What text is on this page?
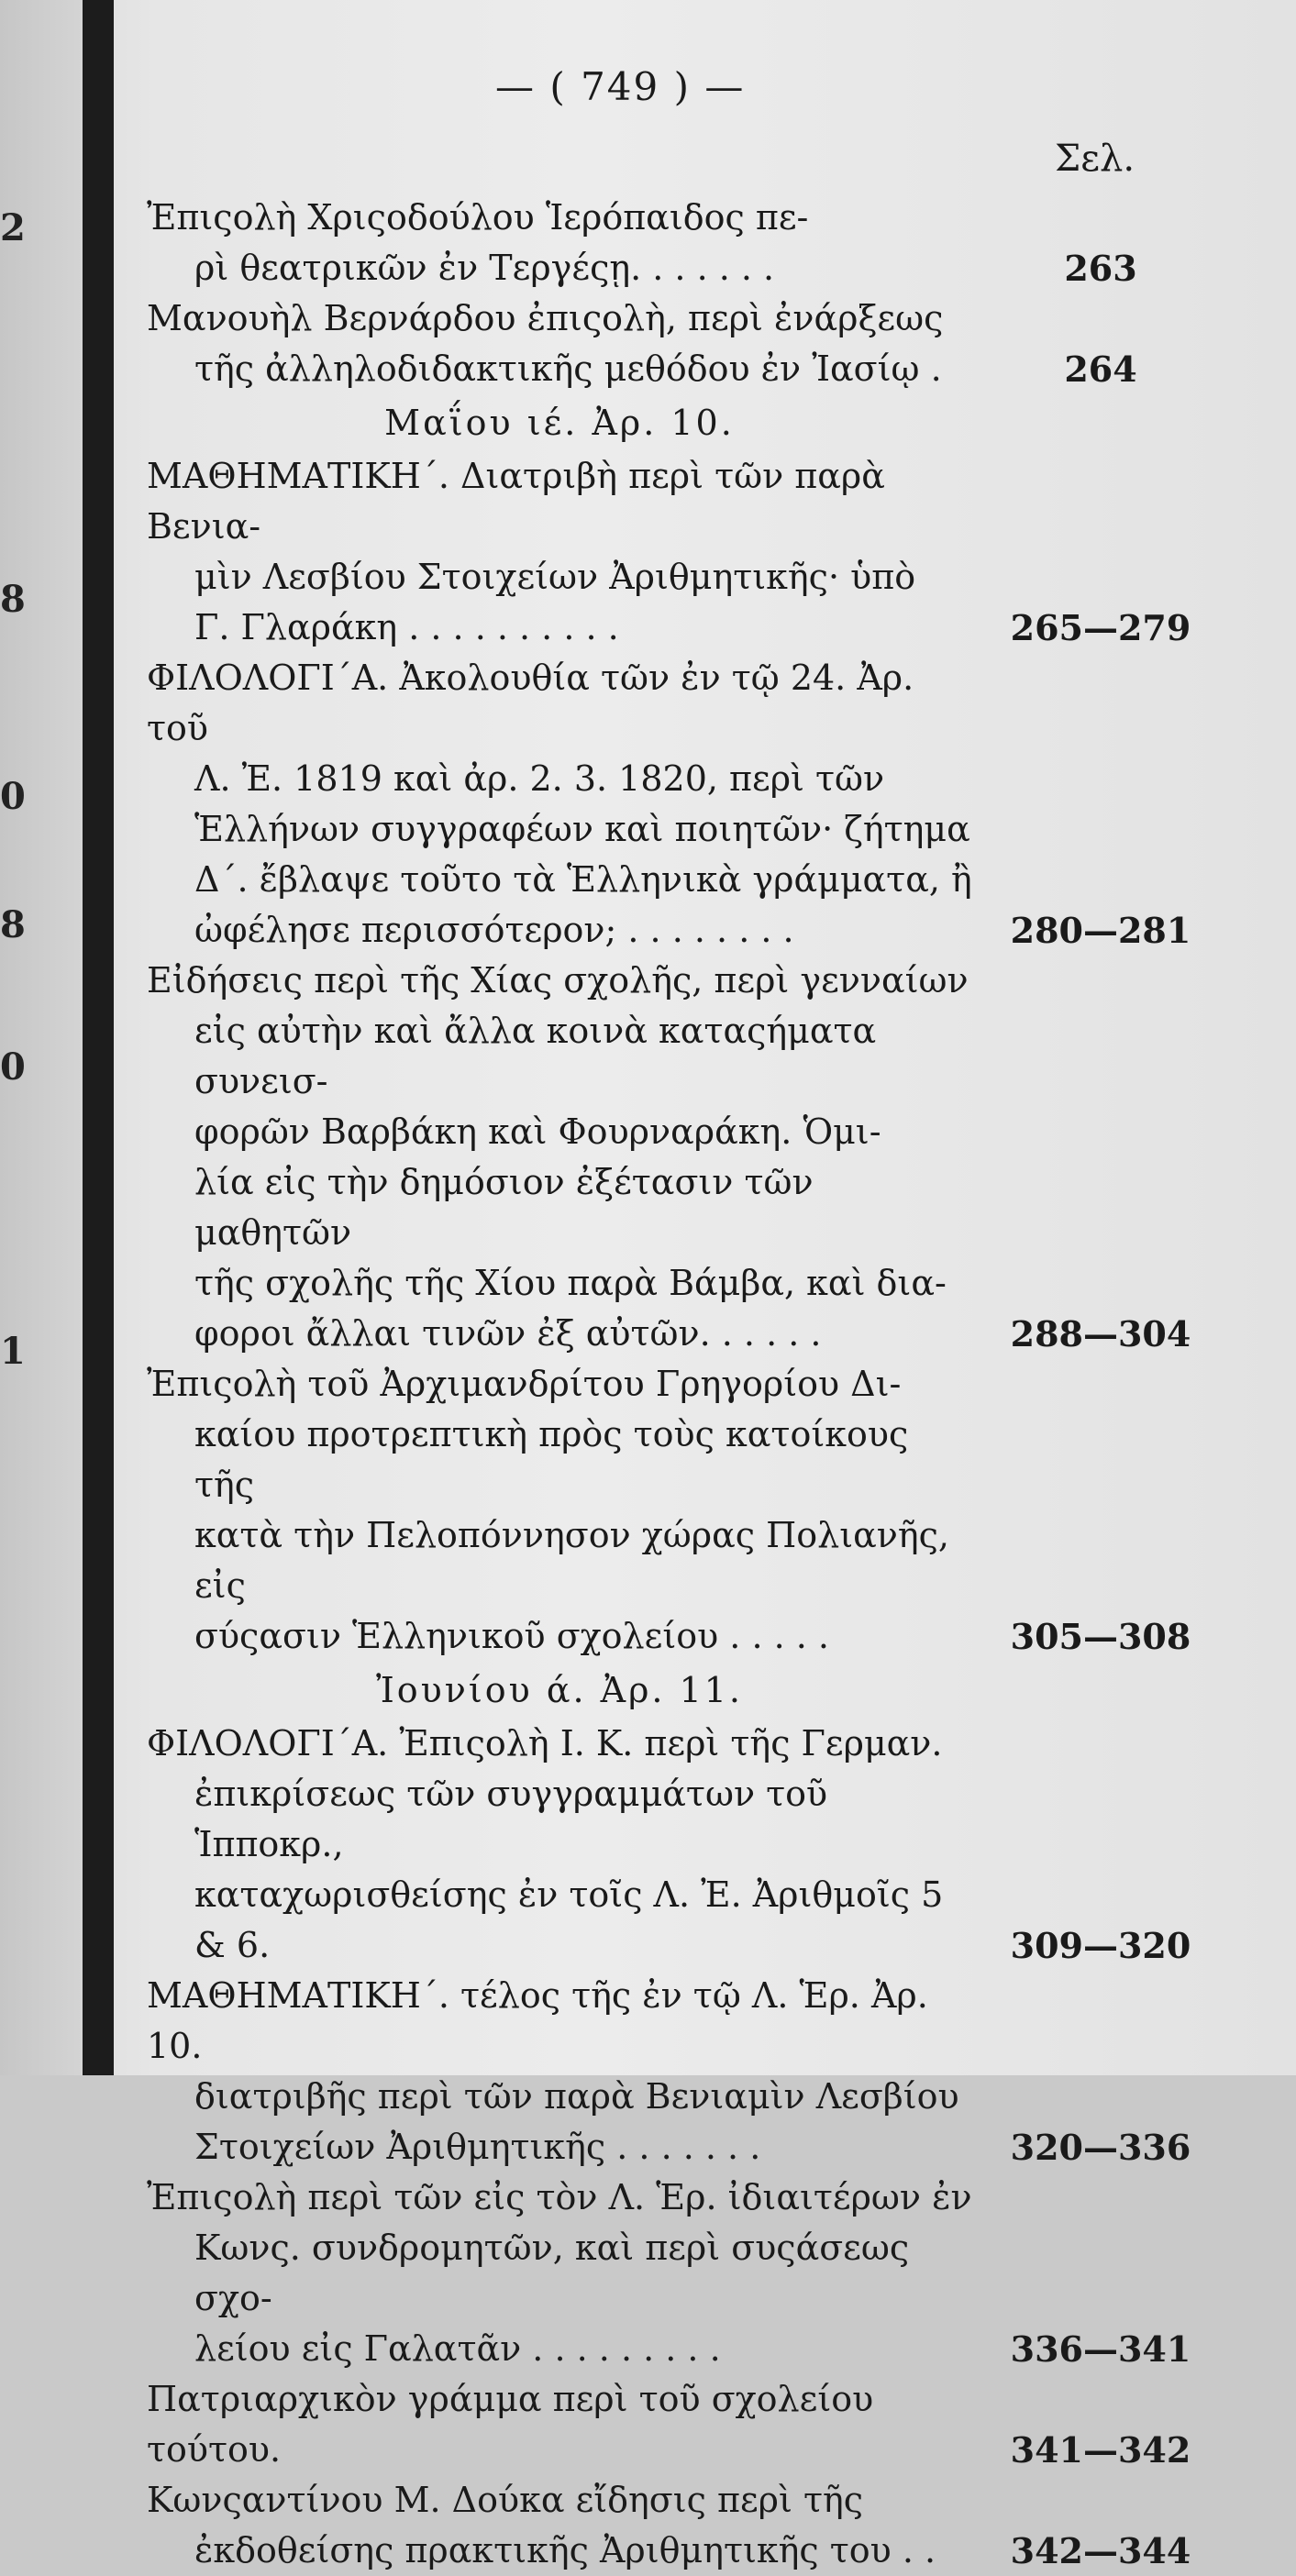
2
8
0
8
0
1
— ( 749 ) —
Σελ.
Ἐπιςολὴ Χριςοδούλου Ἱερόπαιδος πε-
ρὶ θεατρικῶν ἐν Τεργέςῃ. . . . . . .	263
Μανουὴλ Βερνάρδου ἐπιςολὴ, περὶ ἐνάρξεως
τῆς ἀλληλοδιδακτικῆς μεθόδου ἐν Ἰασίῳ .	264
Μαΐου ιέ. Ἀρ. 10.
ΜΑΘΗΜΑΤΙΚΗ΄. Διατριβὴ περὶ τῶν παρὰ Βενια-
μὶν Λεσβίου Στοιχείων Ἀριθμητικῆς· ὑπὸ
Γ. Γλαράκη . . . . . . . . . .	265—279
ΦΙΛΟΛΟΓΙ΄Α. Ἀκολουθία τῶν ἐν τῷ 24. Ἀρ. τοῦ
Λ. Ἐ. 1819 καὶ ἀρ. 2. 3. 1820, περὶ τῶν
Ἑλλήνων συγγραφέων καὶ ποιητῶν· ζήτημα
Δ΄. ἔβλαψε τοῦτο τὰ Ἑλληνικὰ γράμματα, ἢ
ὠφέλησε περισσότερον; . . . . . . . .	280—281
Εἰδήσεις περὶ τῆς Χίας σχολῆς, περὶ γενναίων
εἰς αὐτὴν καὶ ἄλλα κοινὰ καταςήματα συνεισ-
φορῶν Βαρβάκη καὶ Φουρναράκη. Ὁμι-
λία εἰς τὴν δημόσιον ἐξέτασιν τῶν μαθητῶν
τῆς σχολῆς τῆς Χίου παρὰ Βάμβα, καὶ δια-
φοροι ἄλλαι τινῶν ἐξ αὐτῶν. . . . . .	288—304
Ἐπιςολὴ τοῦ Ἀρχιμανδρίτου Γρηγορίου Δι-
καίου προτρεπτικὴ πρὸς τοὺς κατοίκους τῆς
κατὰ τὴν Πελοπόννησον χώρας Πολιανῆς, εἰς
σύςασιν Ἑλληνικοῦ σχολείου . . . . .	305—308
Ἰουνίου ά. Ἀρ. 11.
ΦΙΛΟΛΟΓΙ΄Α. Ἐπιςολὴ Ι. Κ. περὶ τῆς Γερμαν.
ἐπικρίσεως τῶν συγγραμμάτων τοῦ Ἱπποκρ.,
καταχωρισθείσης ἐν τοῖς Λ. Ἐ. Ἀριθμοῖς 5 & 6.	309—320
ΜΑΘΗΜΑΤΙΚΗ΄. τέλος τῆς ἐν τῷ Λ. Ἑρ. Ἀρ. 10.
διατριβῆς περὶ τῶν παρὰ Βενιαμὶν Λεσβίου
Στοιχείων Ἀριθμητικῆς . . . . . . .	320—336
Ἐπιςολὴ περὶ τῶν εἰς τὸν Λ. Ἑρ. ἰδιαιτέρων ἐν
Κωνς. συνδρομητῶν, καὶ περὶ συςάσεως σχο-
λείου εἰς Γαλατᾶν . . . . . . . . .	336—341
Πατριαρχικὸν γράμμα περὶ τοῦ σχολείου τούτου.	341—342
Κωνςαντίνου Μ. Δούκα εἴδησις περὶ τῆς
ἐκδοθείσης πρακτικῆς Ἀριθμητικῆς του . .	342—344
